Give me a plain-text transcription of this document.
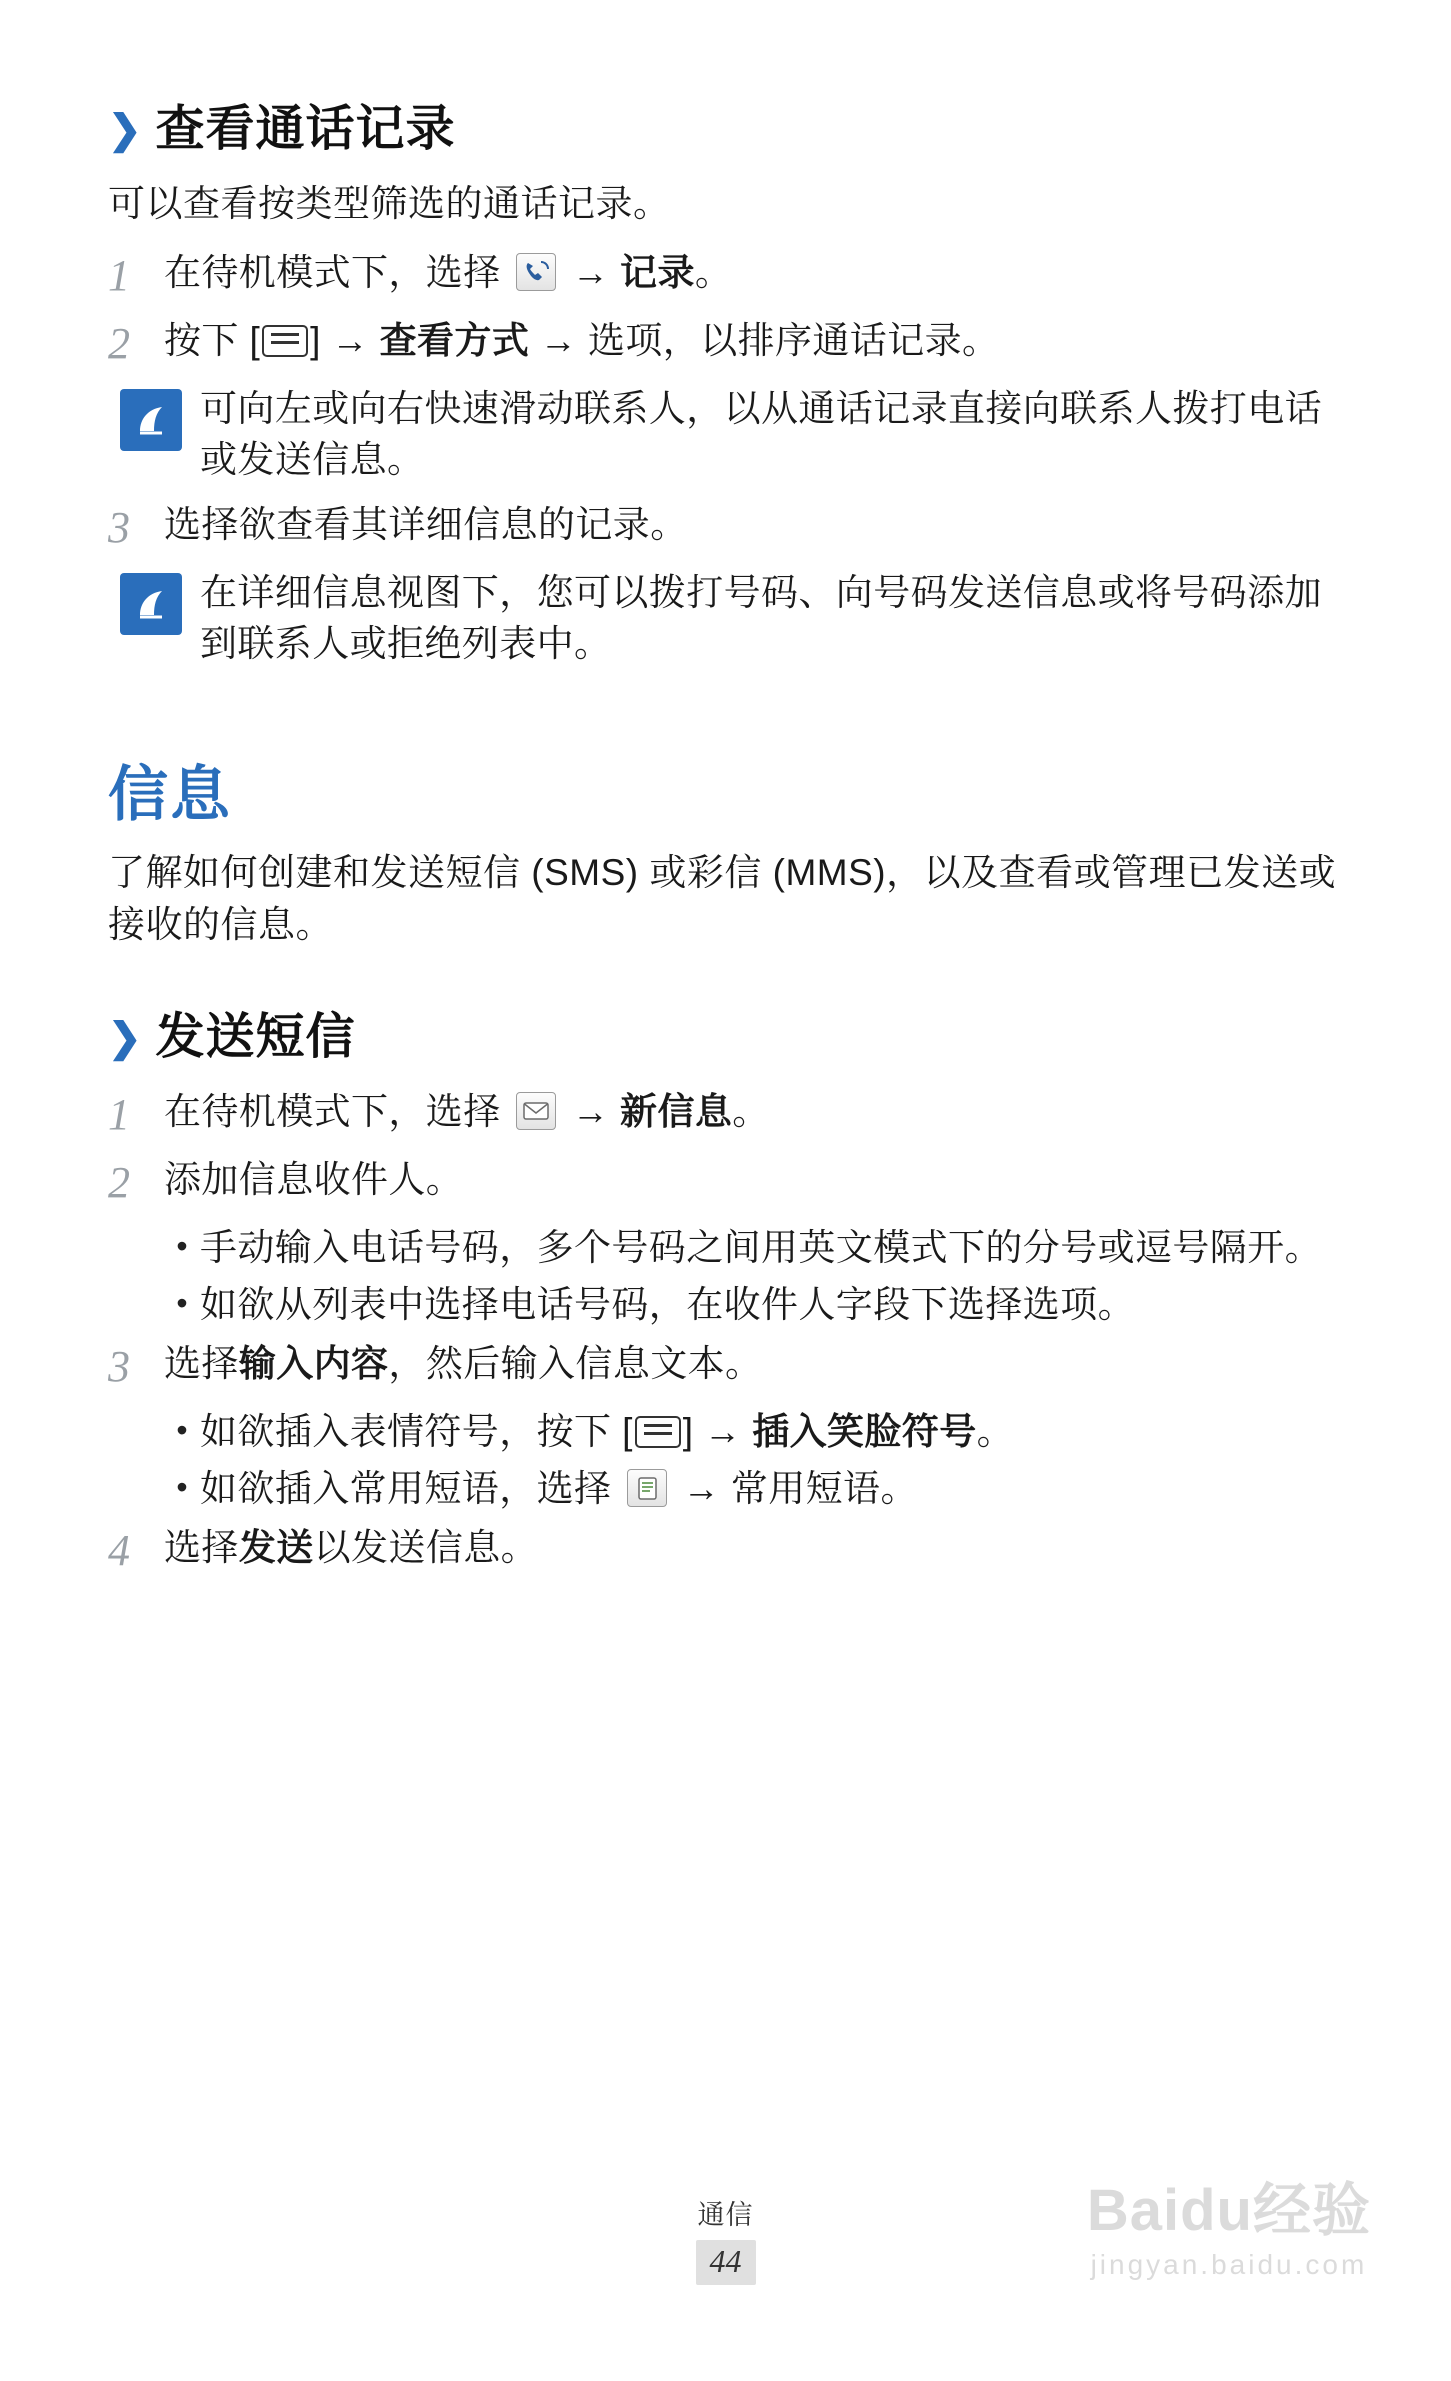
❯ 查看通话记录

可以查看按类型筛选的通话记录。

1 在待机模式下，选择
→ 记录。
2 按下 [ ] → 查看方式 → 选项，以排序通话记录。
可向左或向右快速滑动联系人，以从通话记录直接向联系人拨打电话或发送信息。
3 选择欲查看其详细信息的记录。
在详细信息视图下，您可以拨打号码、向号码发送信息或将号码添加到联系人或拒绝列表中。
信息

了解如何创建和发送短信 (SMS) 或彩信 (MMS)，以及查看或管理已发送或接收的信息。

❯ 发送短信
1 在待机模式下，选择
→ 新信息。
2 添加信息收件人。
• 手动输入电话号码，多个号码之间用英文模式下的分号或逗号隔开。
• 如欲从列表中选择电话号码，在收件人字段下选择选项。
3 选择输入内容，然后输入信息文本。
• 如欲插入表情符号，按下 [ ] → 插入笑脸符号。
• 如欲插入常用短语，选择
→ 常用短语。
4 选择发送以发送信息。
Baidu经验
jingyan.baidu.com
通信
44
